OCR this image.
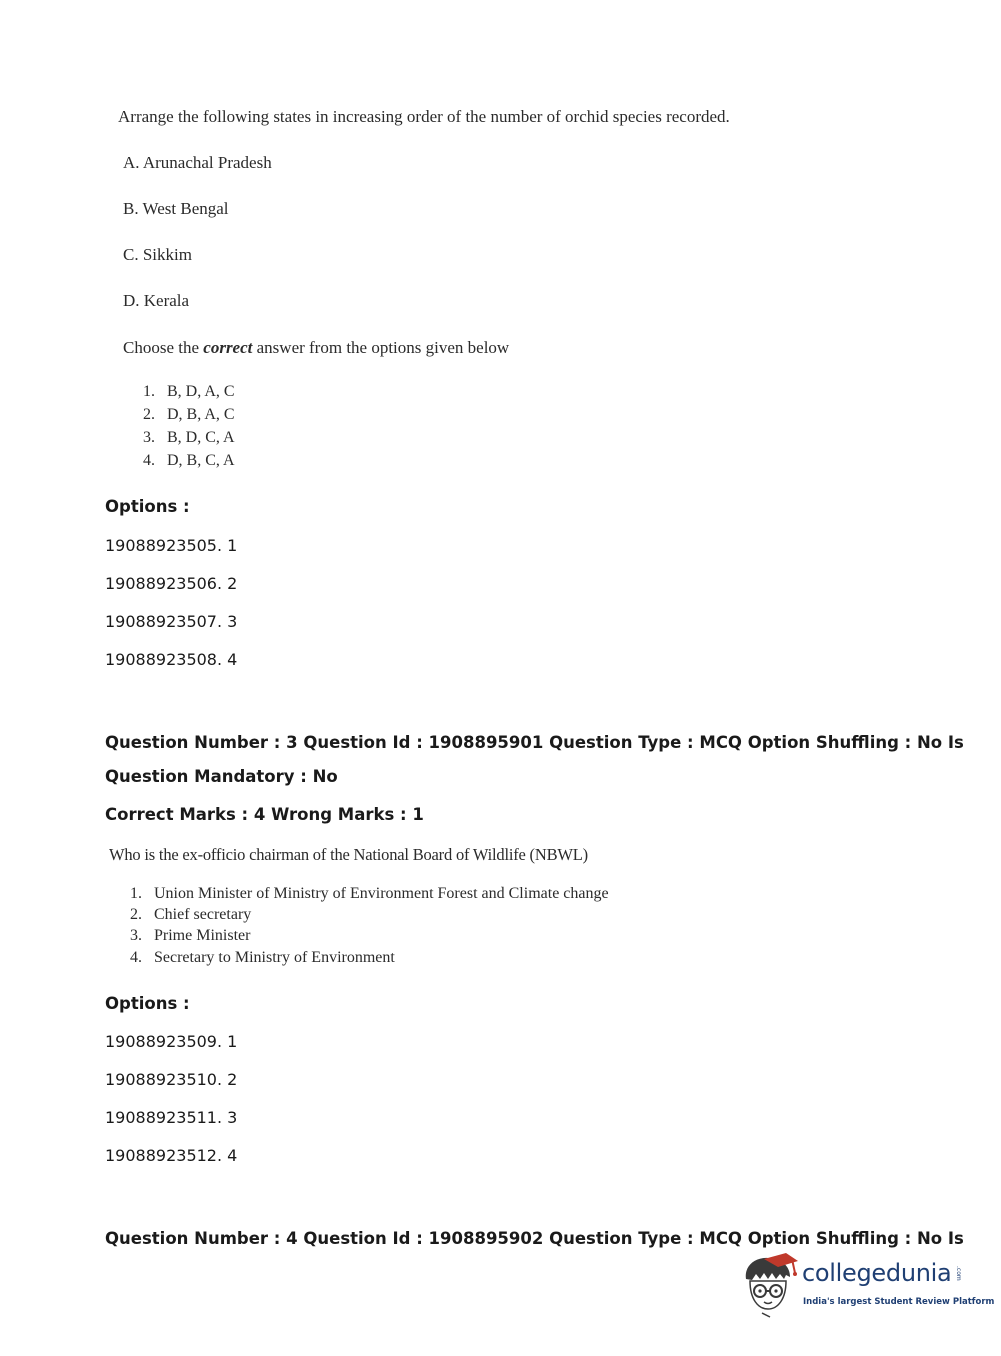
Arrange the following states in increasing order of the number of orchid species recorded.
A. Arunachal Pradesh
B. West Bengal
C. Sikkim
D. Kerala
Choose the correct answer from the options given below
1. B, D, A, C
2. D, B, A, C
3. B, D, C, A
4. D, B, C, A
Options :
19088923505. 1
19088923506. 2
19088923507. 3
19088923508. 4
Question Number : 3 Question Id : 1908895901 Question Type : MCQ Option Shuffling : No Is
Question Mandatory : No
Correct Marks : 4 Wrong Marks : 1
Who is the ex-officio chairman of the National Board of Wildlife (NBWL)
1. Union Minister of Ministry of Environment Forest and Climate change
2. Chief secretary
3. Prime Minister
4. Secretary to Ministry of Environment
Options :
19088923509. 1
19088923510. 2
19088923511. 3
19088923512. 4
Question Number : 4 Question Id : 1908895902 Question Type : MCQ Option Shuffling : No Is
collegedunia .com
India's largest Student Review Platform
